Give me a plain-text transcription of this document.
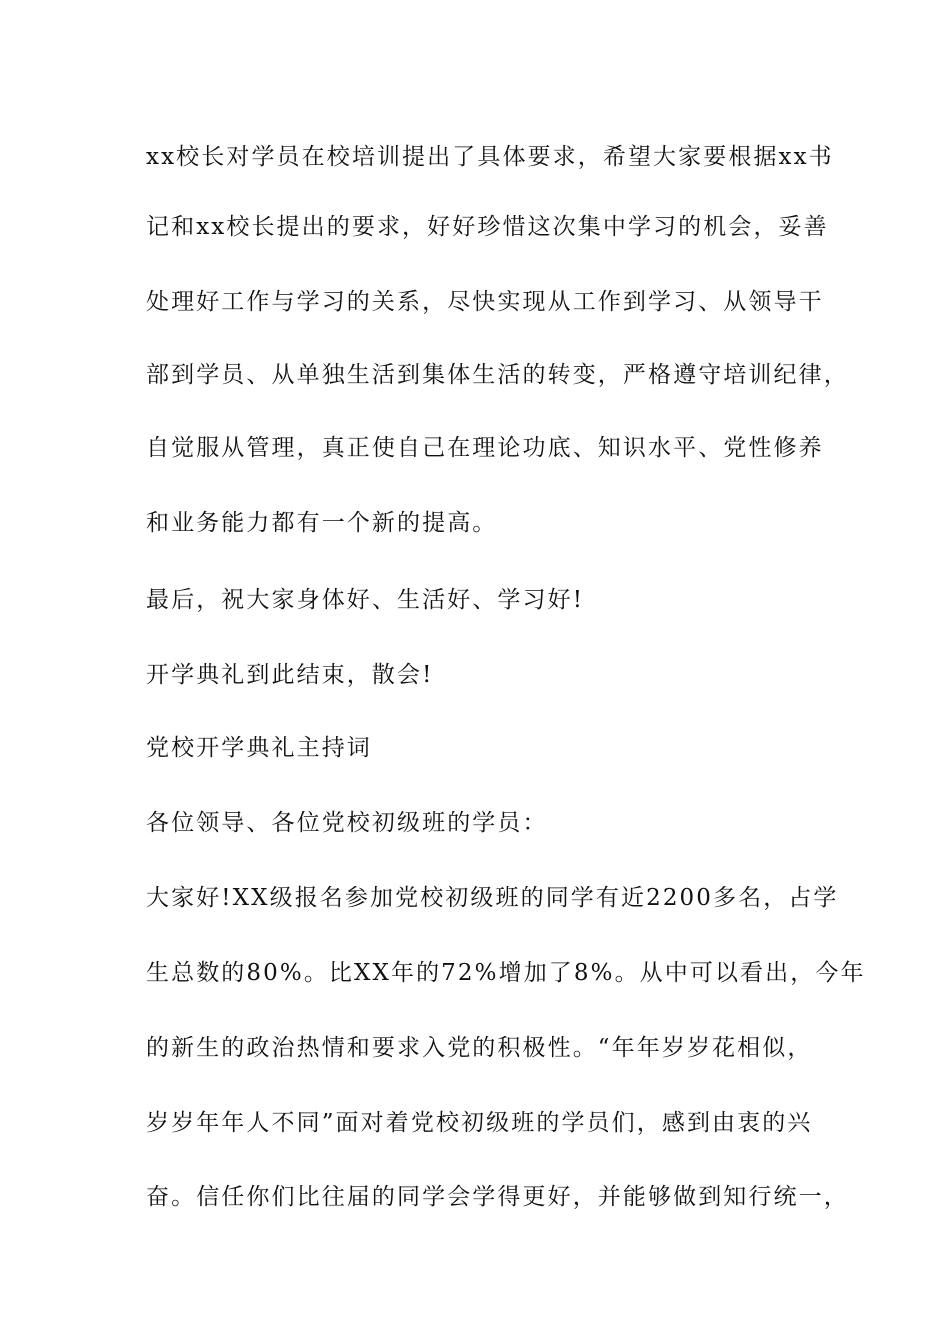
xx校长对学员在校培训提出了具体要求，希望大家要根据xx书
记和xx校长提出的要求，好好珍惜这次集中学习的机会，妥善
处理好工作与学习的关系，尽快实现从工作到学习、从领导干
部到学员、从单独生活到集体生活的转变，严格遵守培训纪律，
自觉服从管理，真正使自己在理论功底、知识水平、党性修养
和业务能力都有一个新的提高。
最后，祝大家身体好、生活好、学习好!
开学典礼到此结束，散会!
党校开学典礼主持词
各位领导、各位党校初级班的学员：
大家好!XX级报名参加党校初级班的同学有近2200多名，占学
生总数的80%。比XX年的72%增加了8%。从中可以看出，今年
的新生的政治热情和要求入党的积极性。“年年岁岁花相似，
岁岁年年人不同”面对着党校初级班的学员们，感到由衷的兴
奋。信任你们比往届的同学会学得更好，并能够做到知行统一，
